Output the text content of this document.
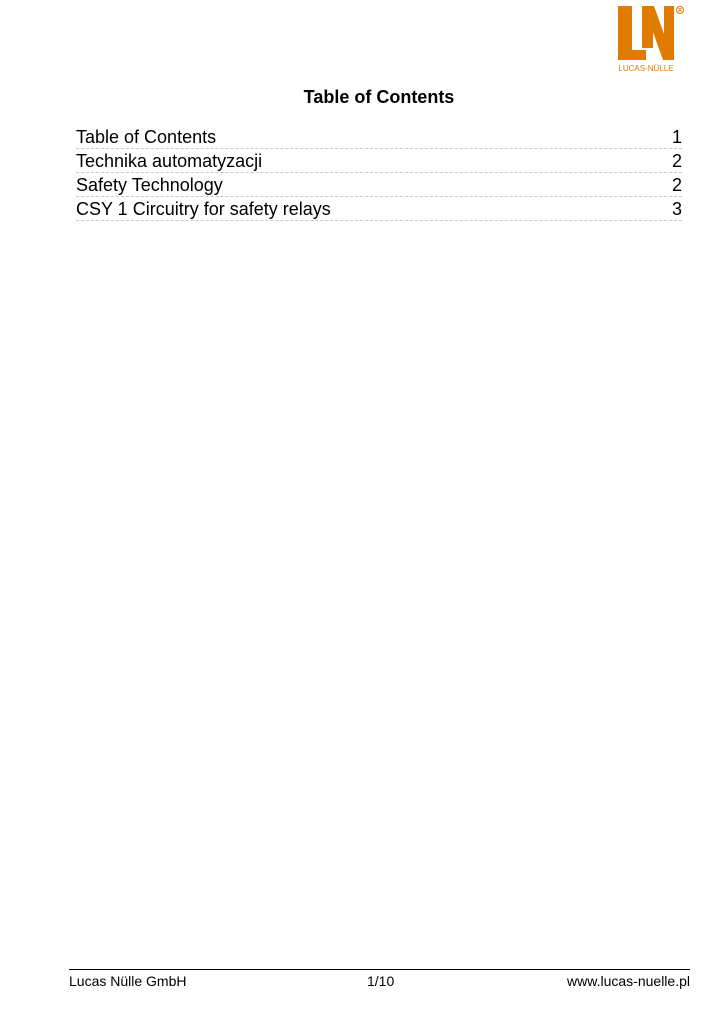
R
LUCAS-NÜLLE
Table of Contents
Table of Contents	1
Technika automatyzacji	2
Safety Technology	2
CSY 1 Circuitry for safety relays	3
Lucas Nülle GmbH	1/10	www.lucas-nuelle.pl
